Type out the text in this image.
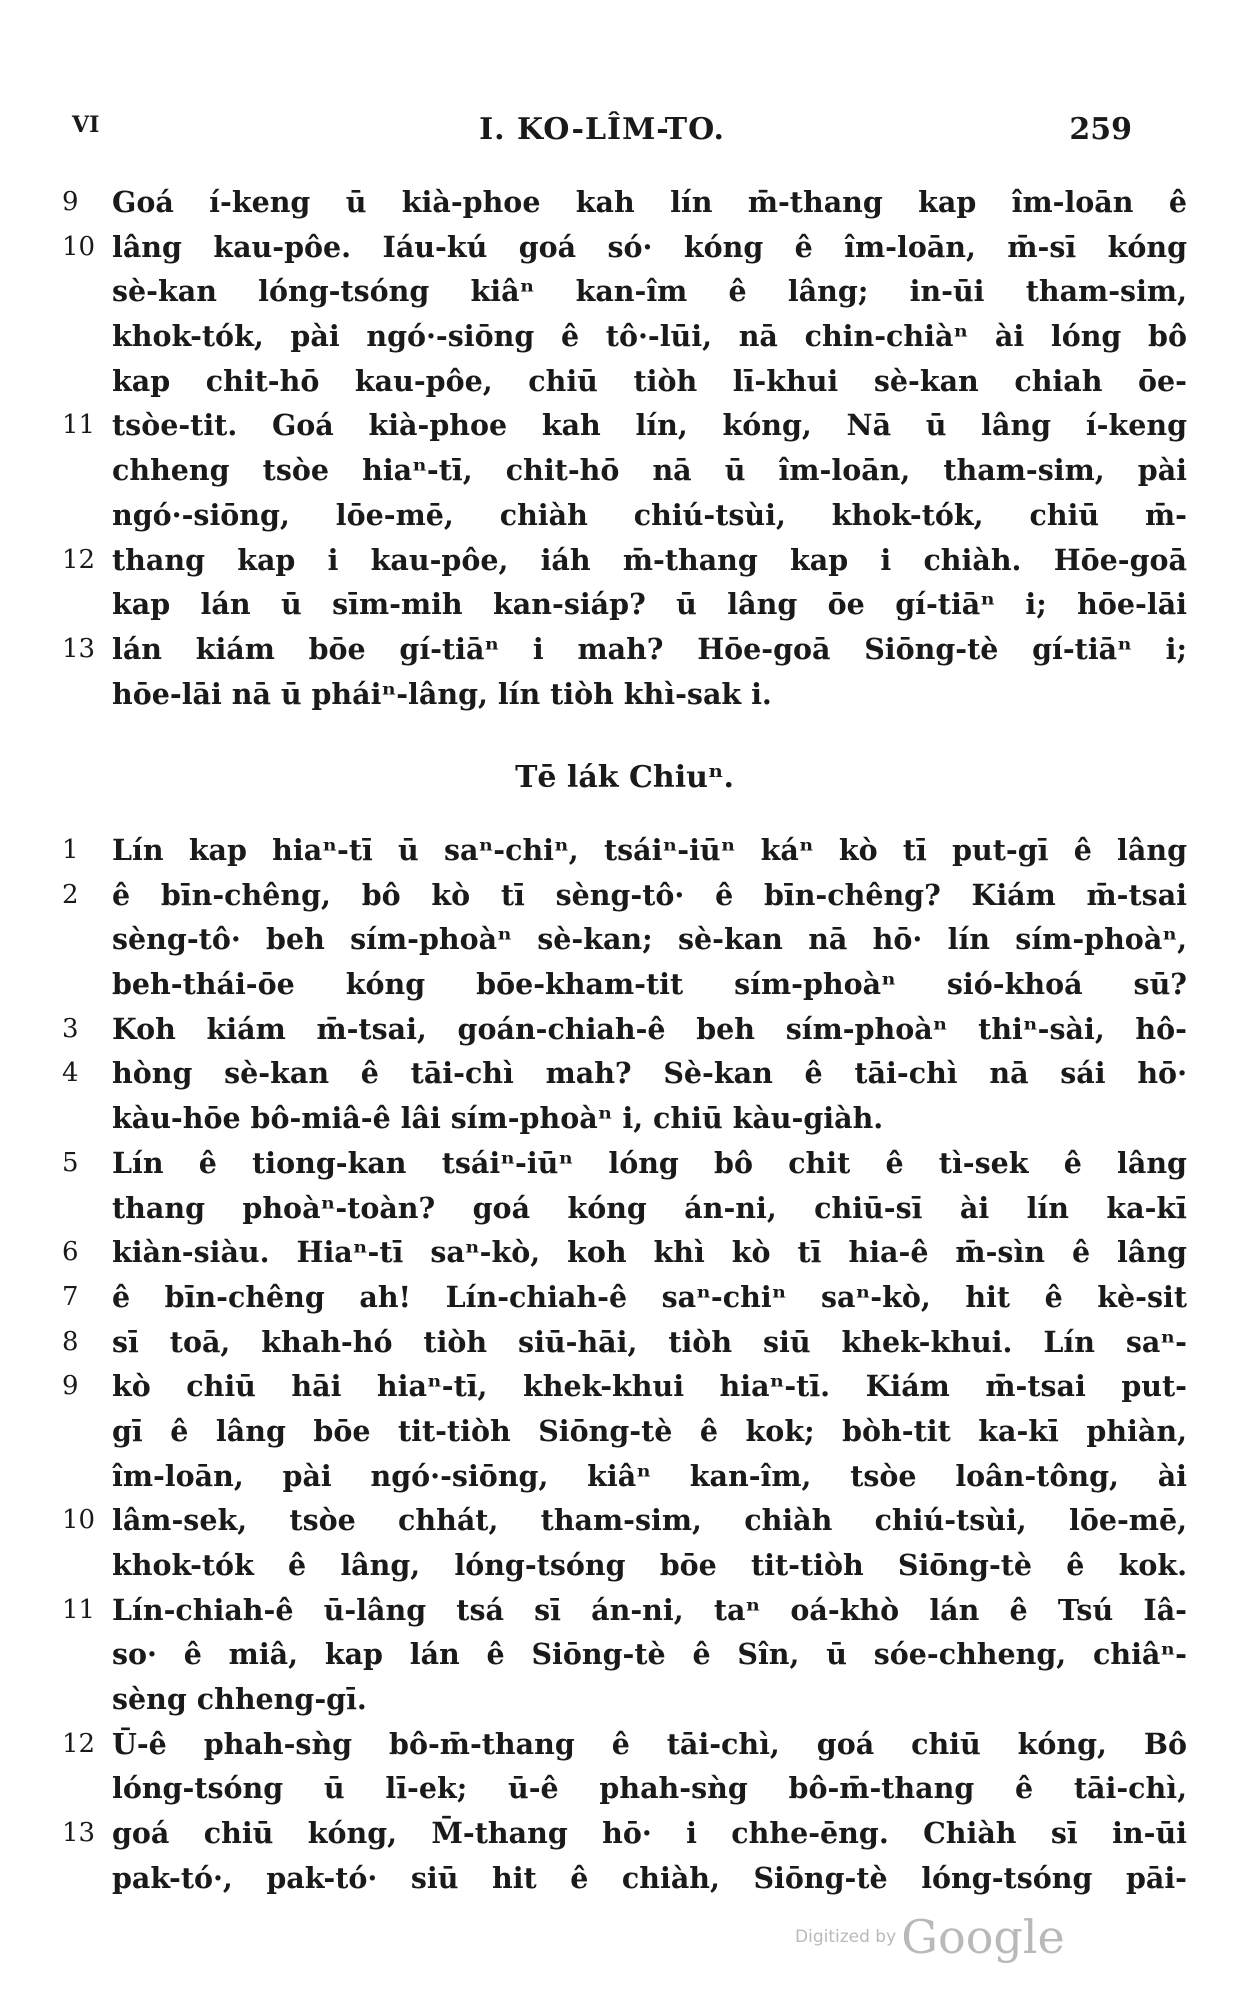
VI	I. KO-LÎM-TO.	259
9	Goá í-keng ū kià-phoe kah lín m̄-thang kap îm-loān ê
10 lâng kau-pôe. Iáu-kú goá só· kóng ê îm-loān, m̄-sī kóng
sè-kan lóng-tsóng kiâⁿ kan-îm ê lâng; in-ūi tham-sim,
khok-tók, pài ngó·-siōng ê tô·-lūi, nā chin-chiàⁿ ài lóng bô
kap chit-hō kau-pôe, chiū tiòh lī-khui sè-kan chiah ōe-
11 tsòe-tit. Goá kià-phoe kah lín, kóng, Nā ū lâng í-keng
chheng tsòe hiaⁿ-tī, chit-hō nā ū îm-loān, tham-sim, pài
ngó·-siōng, lōe-mē, chiàh chiú-tsùi, khok-tók, chiū m̄-
12 thang kap i kau-pôe, iáh m̄-thang kap i chiàh. Hōe-goā
kap lán ū sīm-mih kan-siáp? ū lâng ōe gí-tiāⁿ i; hōe-lāi
13 lán kiám bōe gí-tiāⁿ i mah? Hōe-goā Siōng-tè gí-tiāⁿ i;
hōe-lāi nā ū pháiⁿ-lâng, lín tiòh khì-sak i.
Tē lák Chiuⁿ.
1	Lín kap hiaⁿ-tī ū saⁿ-chiⁿ, tsáiⁿ-iūⁿ káⁿ kò tī put-gī ê lâng
2	ê bīn-chêng, bô kò tī sèng-tô· ê bīn-chêng? Kiám m̄-tsai
sèng-tô· beh sím-phoàⁿ sè-kan; sè-kan nā hō· lín sím-phoàⁿ,
beh-thái-ōe kóng bōe-kham-tit sím-phoàⁿ sió-khoá sū?
3	Koh kiám m̄-tsai, goán-chiah-ê beh sím-phoàⁿ thiⁿ-sài, hô-
4	hòng sè-kan ê tāi-chì mah? Sè-kan ê tāi-chì nā sái hō·
kàu-hōe bô-miâ-ê lâi sím-phoàⁿ i, chiū kàu-giàh.
5	Lín ê tiong-kan tsáiⁿ-iūⁿ lóng bô chit ê tì-sek ê lâng
thang phoàⁿ-toàn? goá kóng án-ni, chiū-sī ài lín ka-kī
6	kiàn-siàu. Hiaⁿ-tī saⁿ-kò, koh khì kò tī hia-ê m̄-sìn ê lâng
7	ê bīn-chêng ah! Lín-chiah-ê saⁿ-chiⁿ saⁿ-kò, hit ê kè-sit
8	sī toā, khah-hó tiòh siū-hāi, tiòh siū khek-khui. Lín saⁿ-
9	kò chiū hāi hiaⁿ-tī, khek-khui hiaⁿ-tī. Kiám m̄-tsai put-
gī ê lâng bōe tit-tiòh Siōng-tè ê kok; bòh-tit ka-kī phiàn,
îm-loān, pài ngó·-siōng, kiâⁿ kan-îm, tsòe loân-tông, ài
10 lâm-sek, tsòe chhát, tham-sim, chiàh chiú-tsùi, lōe-mē,
khok-tók ê lâng, lóng-tsóng bōe tit-tiòh Siōng-tè ê kok.
11 Lín-chiah-ê ū-lâng tsá sī án-ni, taⁿ oá-khò lán ê Tsú Iâ-
so· ê miâ, kap lán ê Siōng-tè ê Sîn, ū sóe-chheng, chiâⁿ-
sèng chheng-gī.
12 Ū-ê phah-sǹg bô-m̄-thang ê tāi-chì, goá chiū kóng, Bô
lóng-tsóng ū lī-ek; ū-ê phah-sǹg bô-m̄-thang ê tāi-chì,
13 goá chiū kóng, M̄-thang hō· i chhe-ēng. Chiàh sī in-ūi
pak-tó·, pak-tó· siū hit ê chiàh, Siōng-tè lóng-tsóng pāi-
Digitized by Google
